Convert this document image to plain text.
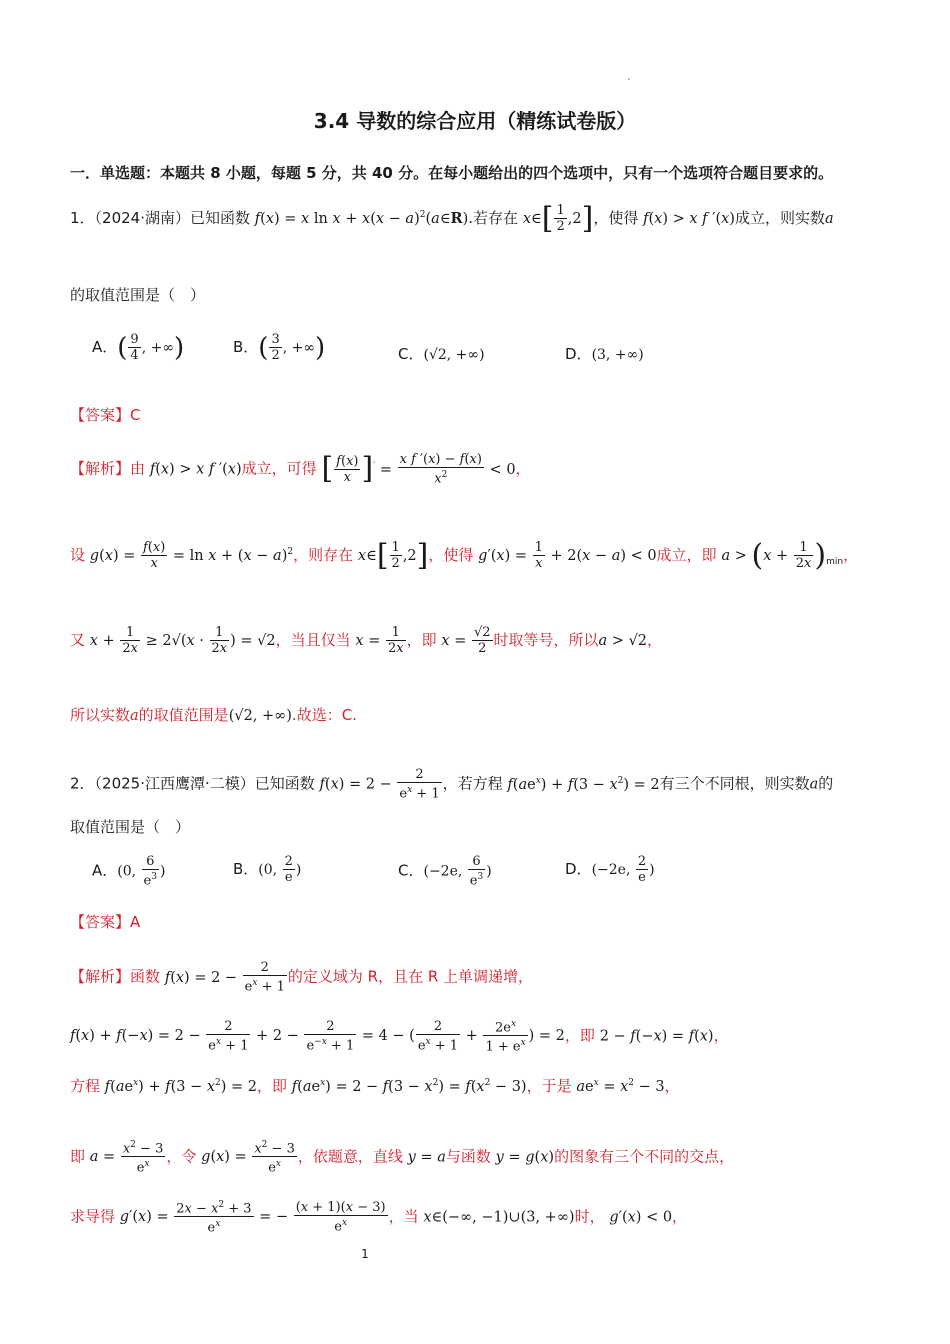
3.4 导数的综合应用（精练试卷版）
一．单选题：本题共 8 小题，每题 5 分，共 40 分。在每小题给出的四个选项中，只有一个选项符合题目要求的。
1．（2024·湖南）已知函数 f(x) = x $\ln x + x(x - a)^2(a\in R)$.若存在 x∈[ $\frac{1}{2} ,2$]，使得 f(x) > x f ′(x)成立，则实数a
的取值范围是（　）
A．( $\frac{9}{4}$ , +∞)	B．( $\frac{3}{2}$ , +∞)	C．(√2, +∞)	D．(3, +∞)
【答案】C
【解析】由 f(x) > x f ′(x)成立，可得 [ $\frac{f(x)}{x} ]' = \frac{\text{x f ′(x) − f(x)}}{x^2} < 0$，
设 $g(x) = \frac{f(x)}{x} = \ln x + (x - a)^2$，则存在 x∈[ $\frac{1}{2} ,2$]，使得 $g'(x) = \frac{1}{x} + 2(x - a) < 0$成立，即 $a > (x + \frac{1}{2x} )_{min}$，
又 $x + \frac{1}{2x} \ge 2√(x \cdot \frac{1}{2x}$ ) = √2，当且仅当 $x = \frac{1}{2x}$ ，即 $x = \frac{√2}{2}$ 时取等号，所以a > √2，
所以实数a的取值范围是(√2, +∞).故选：C.
2．（2025·江西鹰潭·二模）已知函数 $f(x) = 2 - \frac{2}{e^x + 1}$ ，若方程 $f(ae^x) + f(3 - x^2) = 2$有三个不同根，则实数a的
取值范围是（　）
A．(0, $\frac{6}{e^3}$ )	B．(0, $\frac{2}{e}$ )	C．(−2e, $\frac{6}{e^3}$ )	D．(−2e, $\frac{2}{e}$ )
【答案】A
【解析】函数 $f(x) = 2 - \frac{2}{e^x + 1}$ 的定义域为 R，且在 R 上单调递增，
$f(x) + f(-x) = 2 - \frac{2}{e^x + 1} + 2 - \frac{2}{e^{-x} + 1} = 4$ − ( $\frac{2}{e^x + 1} + \frac{2e^x}{1 + e^x}$ ) = 2，即 2 − f(−x) = f(x)，
方程 $f(ae^x) + f(3 - x^2) = 2$，即 $f(ae^x) = 2 - f(3 - x^2) = f(x^2 - 3)$，于是 $ae^x = x^2 - 3$，
即 $a = \frac{x^2 - 3}{e^x}$ ，令 $g(x) = \frac{x^2 - 3}{e^x}$ ，依题意，直线 y = a与函数 y = g(x)的图象有三个不同的交点，
求导得 $g'(x) = \frac{2x - x^2 + 3}{e^x}$ = − $\frac{(x + 1)(x - 3)}{e^x}$ ，当 x∈(−∞, −1)∪(3, +∞)时， g′(x) < 0，
1
